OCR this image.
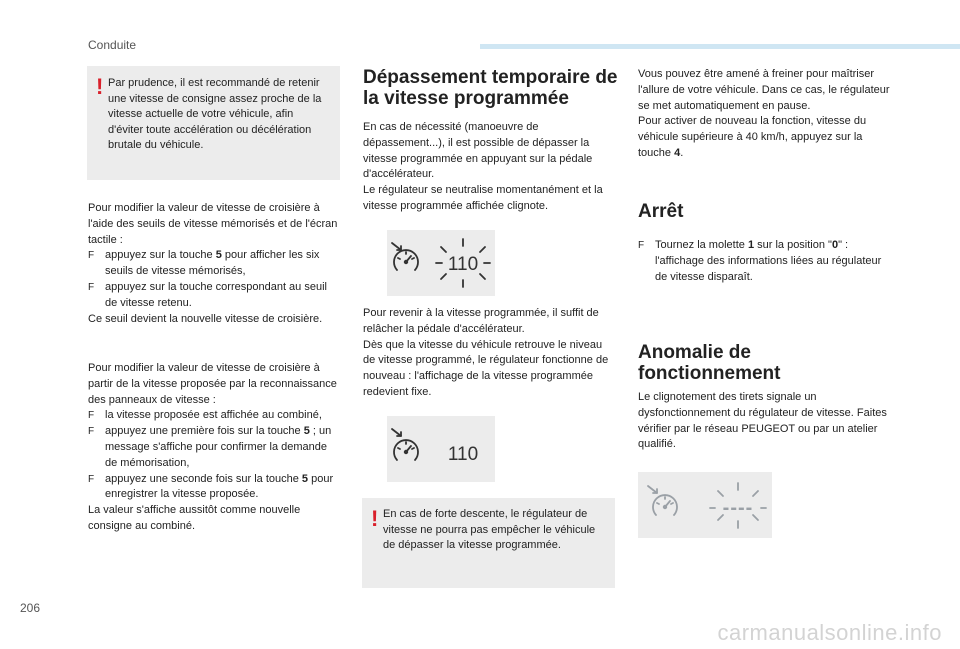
Conduite
! Par prudence, il est recommandé de retenir une vitesse de consigne assez proche de la vitesse actuelle de votre véhicule, afin d'éviter toute accélération ou décélération brutale du véhicule.

Pour modifier la valeur de vitesse de croisière à l'aide des seuils de vitesse mémorisés et de l'écran tactile :

F appuyez sur la touche 5 pour afficher les six seuils de vitesse mémorisés,

F appuyez sur la touche correspondant au seuil de vitesse retenu.

Ce seuil devient la nouvelle vitesse de croisière.

Pour modifier la valeur de vitesse de croisière à partir de la vitesse proposée par la reconnaissance des panneaux de vitesse :

F la vitesse proposée est affichée au combiné,

F appuyez une première fois sur la touche 5 ; un message s'affiche pour confirmer la demande de mémorisation,

F appuyez une seconde fois sur la touche 5 pour enregistrer la vitesse proposée.

La valeur s'affiche aussitôt comme nouvelle consigne au combiné.

Dépassement temporaire de la vitesse programmée

En cas de nécessité (manoeuvre de dépassement...), il est possible de dépasser la vitesse programmée en appuyant sur la pédale d'accélérateur.

Le régulateur se neutralise momentanément et la vitesse programmée affichée clignote.

110

Pour revenir à la vitesse programmée, il suffit de relâcher la pédale d'accélérateur.

Dès que la vitesse du véhicule retrouve le niveau de vitesse programmé, le régulateur fonctionne de nouveau : l'affichage de la vitesse programmée redevient fixe.

110
! En cas de forte descente, le régulateur de vitesse ne pourra pas empêcher le véhicule de dépasser la vitesse programmée.

Vous pouvez être amené à freiner pour maîtriser l'allure de votre véhicule. Dans ce cas, le régulateur se met automatiquement en pause.

Pour activer de nouveau la fonction, vitesse du véhicule supérieure à 40 km/h, appuyez sur la touche 4.

Arrêt

F Tournez la molette 1 sur la position "0" : l'affichage des informations liées au régulateur de vitesse disparaît.

Anomalie de fonctionnement

Le clignotement des tirets signale un dysfonctionnement du régulateur de vitesse. Faites vérifier par le réseau PEUGEOT ou par un atelier qualifié.

----
206
carmanualsonline.info
